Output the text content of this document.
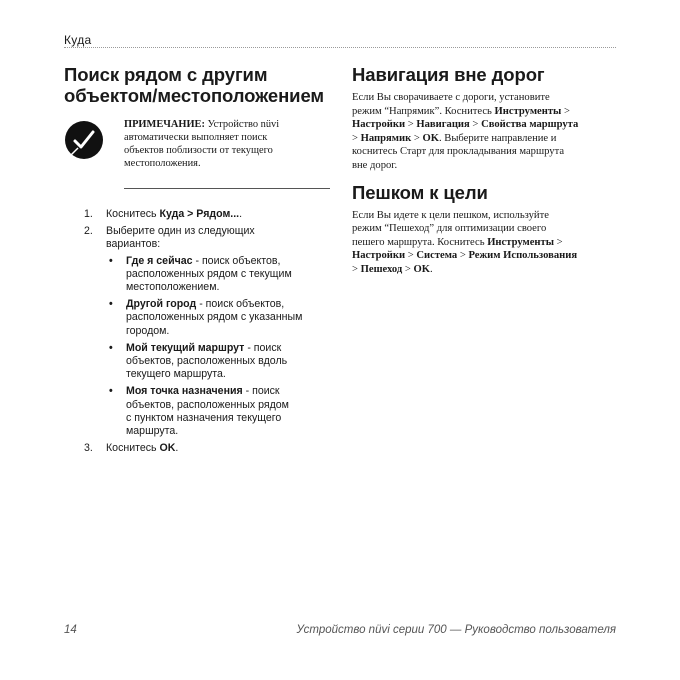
Куда
Поиск рядом с другим
объектом/местоположением
ПРИМЕЧАНИЕ: Устройство nüvi
автоматически выполняет поиск
объектов поблизости от текущего
местоположения.
1. Коснитесь Куда > Рядом....
2. Выберите один из следующих
вариантов:
• Где я сейчас - поиск объектов,
расположенных рядом с текущим
местоположением.
• Другой город - поиск объектов,
расположенных рядом с указанным
городом.
• Мой текущий маршрут - поиск
объектов, расположенных вдоль
текущего маршрута.
• Моя точка назначения - поиск
объектов, расположенных рядом
с пунктом назначения текущего
маршрута.
3. Коснитесь OK.
Навигация вне дорог
Если Вы сворачиваете с дороги, установите
режим “Напрямик”. Коснитесь Инструменты >
Настройки > Навигация > Свойства маршрута
> Напрямик > OK. Выберите направление и
коснитесь Старт для прокладывания маршрута
вне дорог.
Пешком к цели
Если Вы идете к цели пешком, используйте
режим “Пешеход” для оптимизации своего
пешего маршрута. Коснитесь Инструменты >
Настройки > Система > Режим Использования
> Пешеход > OK.
14	Устройство nüvi серии 700 — Руководство пользователя
